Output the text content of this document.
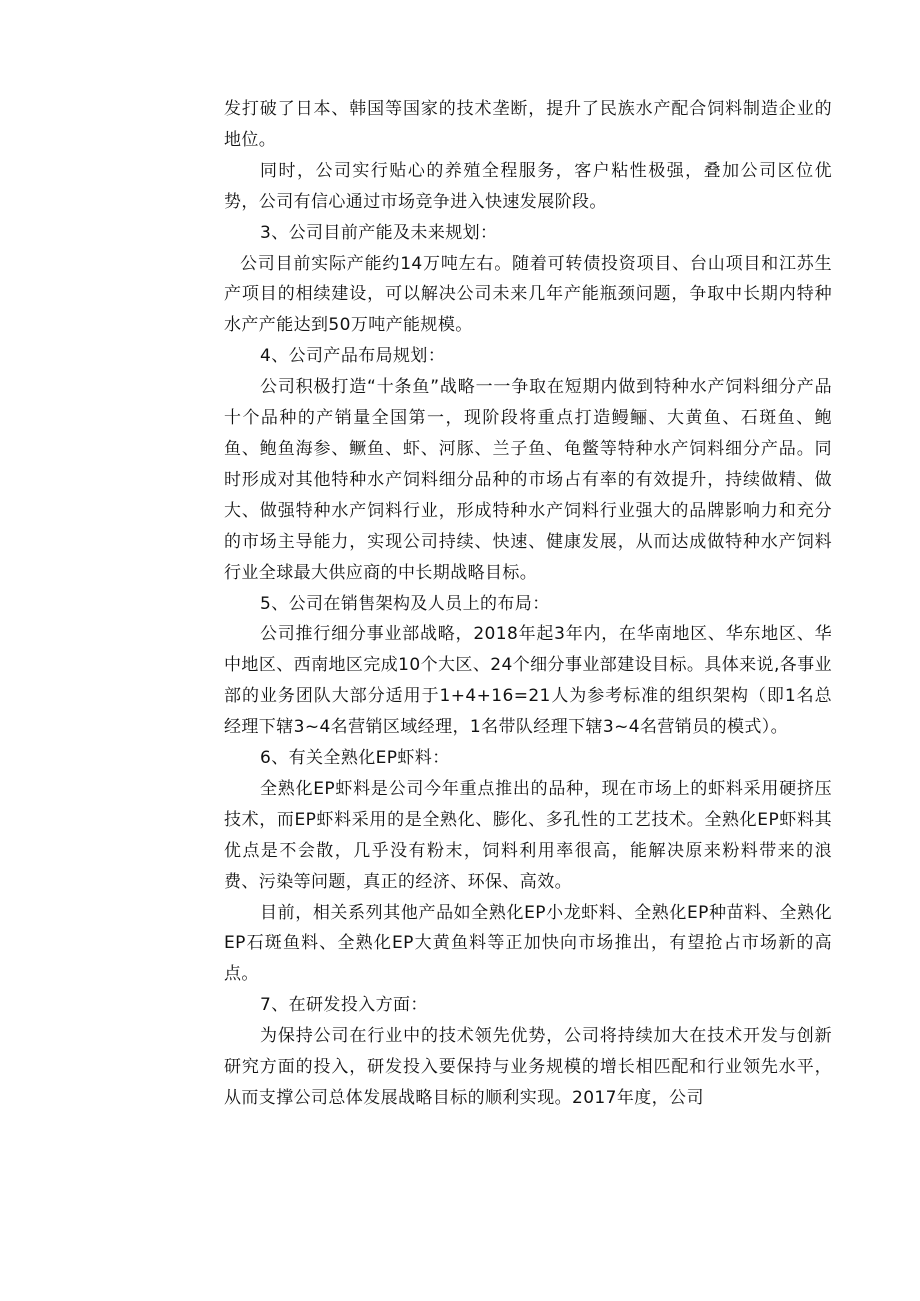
发打破了日本、韩国等国家的技术垄断，提升了民族水产配合饲料制造企业的地位。

同时，公司实行贴心的养殖全程服务，客户粘性极强，叠加公司区位优势，公司有信心通过市场竞争进入快速发展阶段。

3、公司目前产能及未来规划：

公司目前实际产能约14万吨左右。随着可转债投资项目、台山项目和江苏生产项目的相续建设，可以解决公司未来几年产能瓶颈问题，争取中长期内特种水产产能达到50万吨产能规模。

4、公司产品布局规划：

公司积极打造“十条鱼”战略一一争取在短期内做到特种水产饲料细分产品十个品种的产销量全国第一，现阶段将重点打造鳗鲡、大黄鱼、石斑鱼、鲍鱼、鲍鱼海参、鳜鱼、虾、河豚、兰子鱼、龟鳖等特种水产饲料细分产品。同时形成对其他特种水产饲料细分品种的市场占有率的有效提升，持续做精、做大、做强特种水产饲料行业，形成特种水产饲料行业强大的品牌影响力和充分的市场主导能力，实现公司持续、快速、健康发展，从而达成做特种水产饲料行业全球最大供应商的中长期战略目标。

5、公司在销售架构及人员上的布局：

公司推行细分事业部战略，2018年起3年内，在华南地区、华东地区、华中地区、西南地区完成10个大区、24个细分事业部建设目标。具体来说,各事业部的业务团队大部分适用于1+4+16=21人为参考标准的组织架构（即1名总经理下辖3~4名营销区域经理，1名带队经理下辖3~4名营销员的模式）。

6、有关全熟化EP虾料：

全熟化EP虾料是公司今年重点推出的品种，现在市场上的虾料采用硬挤压技术，而EP虾料采用的是全熟化、膨化、多孔性的工艺技术。全熟化EP虾料其优点是不会散，几乎没有粉末，饲料利用率很高，能解决原来粉料带来的浪费、污染等问题，真正的经济、环保、高效。

目前，相关系列其他产品如全熟化EP小龙虾料、全熟化EP种苗料、全熟化EP石斑鱼料、全熟化EP大黄鱼料等正加快向市场推出，有望抢占市场新的高点。

7、在研发投入方面：

为保持公司在行业中的技术领先优势，公司将持续加大在技术开发与创新研究方面的投入，研发投入要保持与业务规模的增长相匹配和行业领先水平，从而支撑公司总体发展战略目标的顺利实现。2017年度，公司
